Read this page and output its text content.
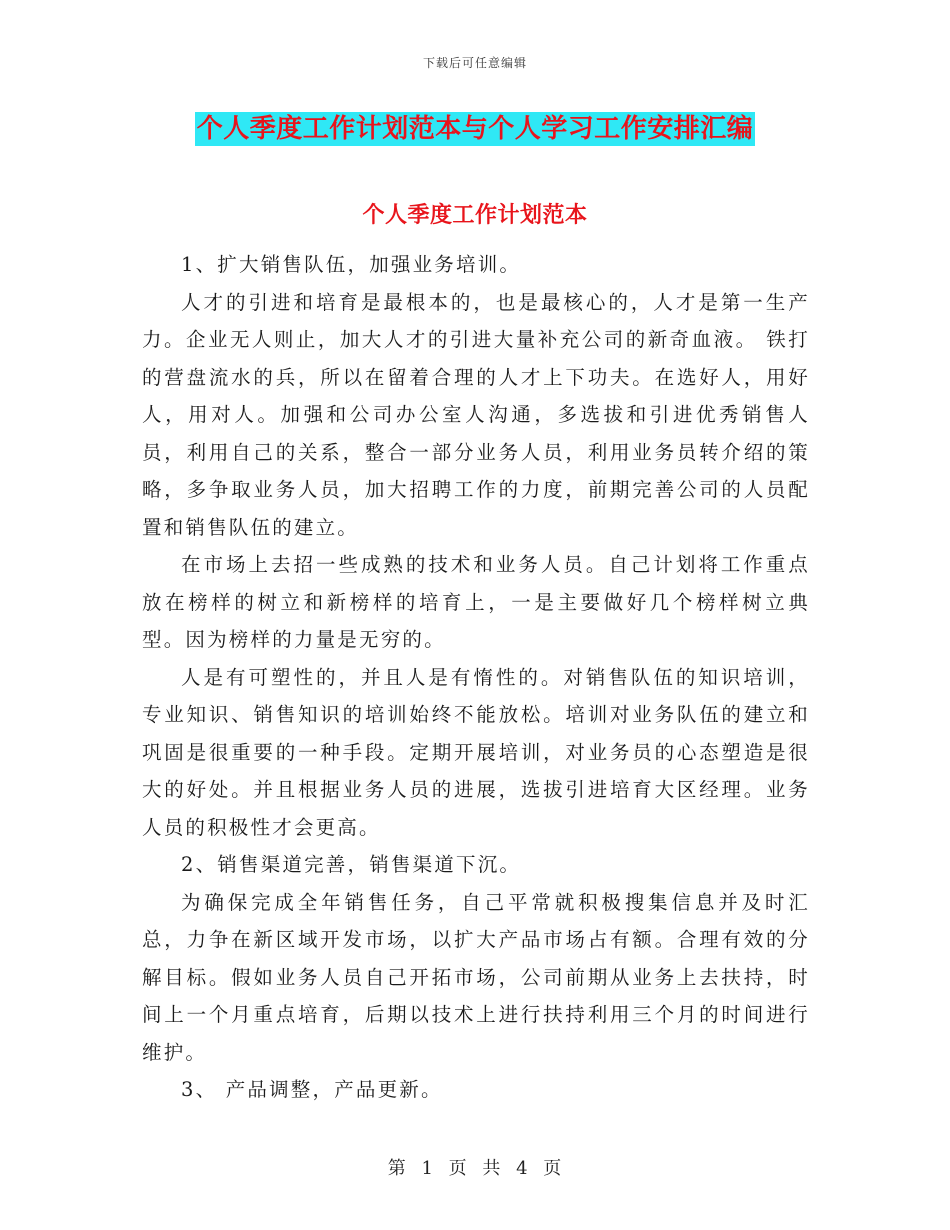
下载后可任意编辑
个人季度工作计划范本与个人学习工作安排汇编
个人季度工作计划范本

1、扩大销售队伍，加强业务培训。

人才的引进和培育是最根本的，也是最核心的，人才是第一生产力。企业无人则止，加大人才的引进大量补充公司的新奇血液。 铁打的营盘流水的兵，所以在留着合理的人才上下功夫。在选好人，用好人，用对人。加强和公司办公室人沟通，多选拔和引进优秀销售人员，利用自己的关系，整合一部分业务人员，利用业务员转介绍的策略，多争取业务人员，加大招聘工作的力度，前期完善公司的人员配置和销售队伍的建立。

在市场上去招一些成熟的技术和业务人员。自己计划将工作重点放在榜样的树立和新榜样的培育上，一是主要做好几个榜样树立典型。因为榜样的力量是无穷的。

人是有可塑性的，并且人是有惰性的。对销售队伍的知识培训，专业知识、销售知识的培训始终不能放松。培训对业务队伍的建立和巩固是很重要的一种手段。定期开展培训，对业务员的心态塑造是很大的好处。并且根据业务人员的进展，选拔引进培育大区经理。业务人员的积极性才会更高。

2、销售渠道完善，销售渠道下沉。

为确保完成全年销售任务，自己平常就积极搜集信息并及时汇总，力争在新区域开发市场，以扩大产品市场占有额。合理有效的分解目标。假如业务人员自己开拓市场，公司前期从业务上去扶持，时间上一个月重点培育，后期以技术上进行扶持利用三个月的时间进行维护。

3、 产品调整，产品更新。

第 1 页 共 4 页
